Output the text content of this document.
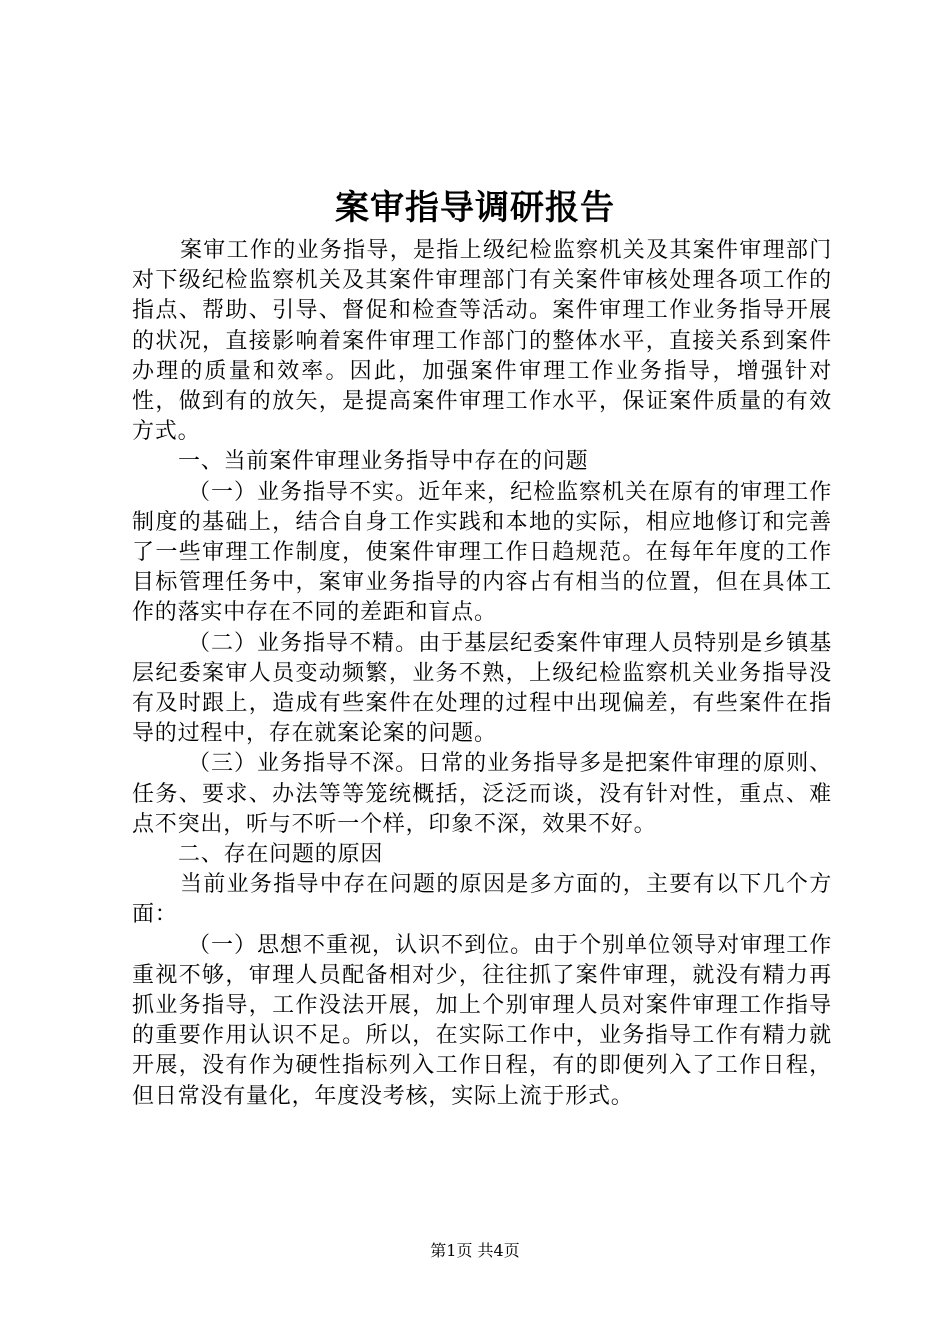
案审指导调研报告

案审工作的业务指导，是指上级纪检监察机关及其案件审理部门对下级纪检监察机关及其案件审理部门有关案件审核处理各项工作的指点、帮助、引导、督促和检查等活动。案件审理工作业务指导开展的状况，直接影响着案件审理工作部门的整体水平，直接关系到案件办理的质量和效率。因此，加强案件审理工作业务指导，增强针对性，做到有的放矢，是提高案件审理工作水平，保证案件质量的有效方式。

一、当前案件审理业务指导中存在的问题

（一）业务指导不实。近年来，纪检监察机关在原有的审理工作制度的基础上，结合自身工作实践和本地的实际，相应地修订和完善了一些审理工作制度，使案件审理工作日趋规范。在每年年度的工作目标管理任务中，案审业务指导的内容占有相当的位置，但在具体工作的落实中存在不同的差距和盲点。

（二）业务指导不精。由于基层纪委案件审理人员特别是乡镇基层纪委案审人员变动频繁，业务不熟，上级纪检监察机关业务指导没有及时跟上，造成有些案件在处理的过程中出现偏差，有些案件在指导的过程中，存在就案论案的问题。

（三）业务指导不深。日常的业务指导多是把案件审理的原则、任务、要求、办法等等笼统概括，泛泛而谈，没有针对性，重点、难点不突出，听与不听一个样，印象不深，效果不好。

二、存在问题的原因

当前业务指导中存在问题的原因是多方面的，主要有以下几个方面：

（一）思想不重视，认识不到位。由于个别单位领导对审理工作重视不够，审理人员配备相对少，往往抓了案件审理，就没有精力再抓业务指导，工作没法开展，加上个别审理人员对案件审理工作指导的重要作用认识不足。所以，在实际工作中，业务指导工作有精力就开展，没有作为硬性指标列入工作日程，有的即便列入了工作日程，但日常没有量化，年度没考核，实际上流于形式。

第1页 共4页
